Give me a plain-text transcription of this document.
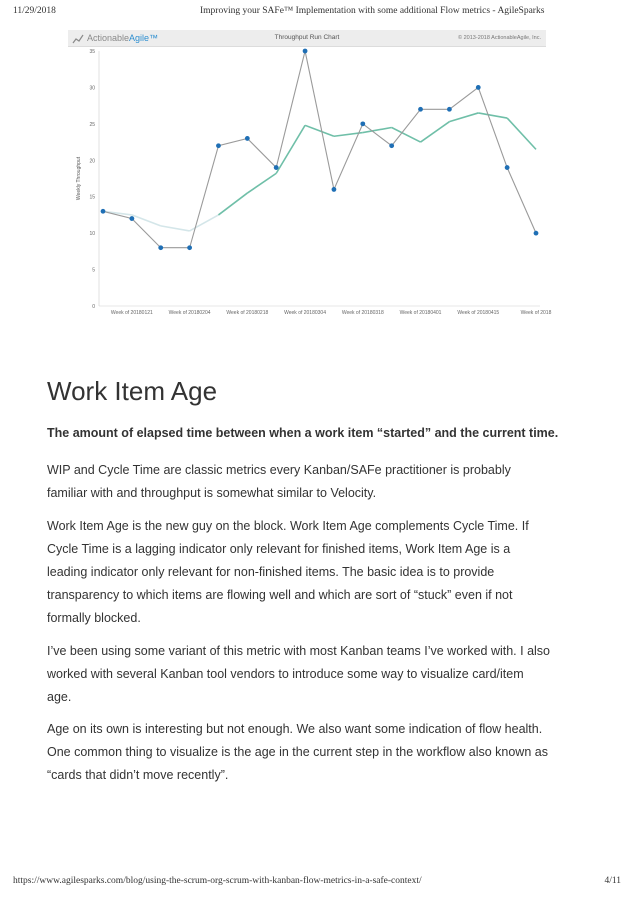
11/29/2018	Improving your SAFe™ Implementation with some additional Flow metrics - AgileSparks
ActionableAgile™	Throughput Run Chart	© 2013-2018 ActionableAgile, Inc.
0
5
10
15
20
25
30
35
Weekly Throughput
Week of 20180121	Week of 20180204	Week of 20180218	Week of 20180304	Week of 20180318	Week of 20180401	Week of 20180415	Week of 2018
Work Item Age

The amount of elapsed time between when a work item “started” and the current time.

WIP and Cycle Time are classic metrics every Kanban/SAFe practitioner is probably
familiar with and throughput is somewhat similar to Velocity.
Work Item Age is the new guy on the block. Work Item Age complements Cycle Time. If
Cycle Time is a lagging indicator only relevant for finished items, Work Item Age is a
leading indicator only relevant for non-finished items. The basic idea is to provide
transparency to which items are flowing well and which are sort of “stuck” even if not
formally blocked.
I’ve been using some variant of this metric with most Kanban teams I’ve worked with. I also
worked with several Kanban tool vendors to introduce some way to visualize card/item
age.
Age on its own is interesting but not enough. We also want some indication of flow health.
One common thing to visualize is the age in the current step in the workflow also known as
“cards that didn’t move recently”.
https://www.agilesparks.com/blog/using-the-scrum-org-scrum-with-kanban-flow-metrics-in-a-safe-context/	4/11
